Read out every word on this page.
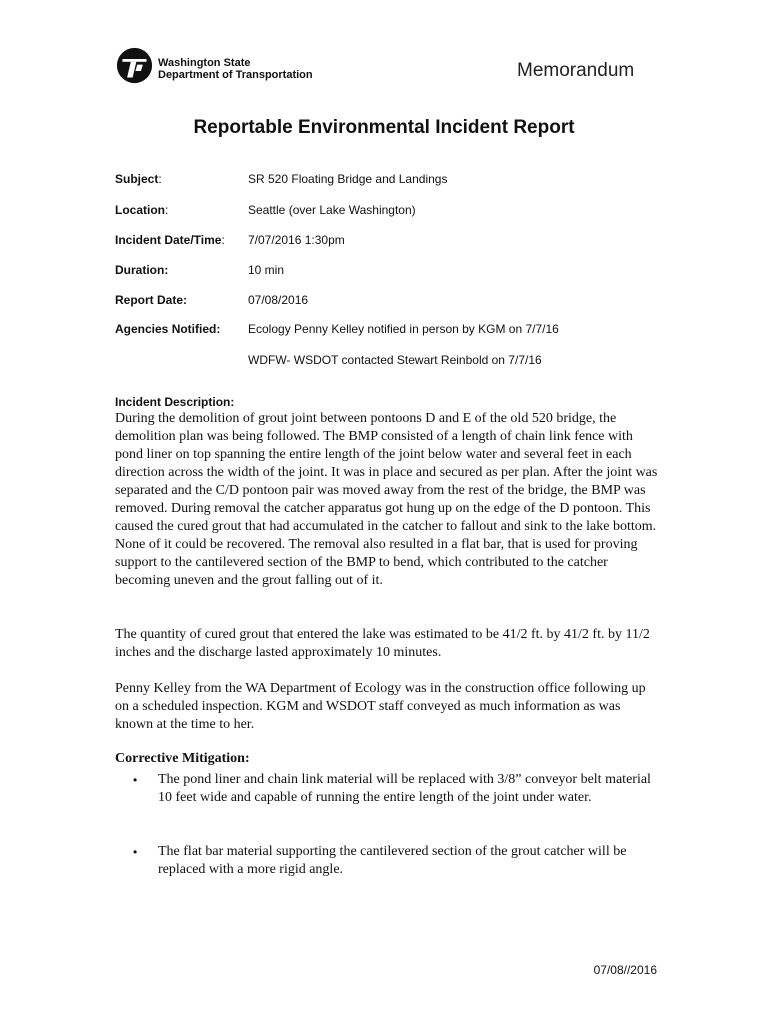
Washington State
Department of Transportation	Memorandum
Reportable Environmental Incident Report
Subject:	SR 520 Floating Bridge and Landings
Location:	Seattle (over Lake Washington)
Incident Date/Time: 7/07/2016 1:30pm
Duration:	10 min
Report Date:	07/08/2016
Agencies Notified: Ecology Penny Kelley notified in person by KGM on 7/7/16
WDFW- WSDOT contacted Stewart Reinbold on 7/7/16
Incident Description:

During the demolition of grout joint between pontoons D and E of the old 520 bridge, the demolition plan was being followed. The BMP consisted of a length of chain link fence with pond liner on top spanning the entire length of the joint below water and several feet in each direction across the width of the joint. It was in place and secured as per plan. After the joint was separated and the C/D pontoon pair was moved away from the rest of the bridge, the BMP was removed. During removal the catcher apparatus got hung up on the edge of the D pontoon. This caused the cured grout that had accumulated in the catcher to fallout and sink to the lake bottom. None of it could be recovered. The removal also resulted in a flat bar, that is used for proving support to the cantilevered section of the BMP to bend, which contributed to the catcher becoming uneven and the grout falling out of it.

The quantity of cured grout that entered the lake was estimated to be 41/2 ft. by 41/2 ft. by 11/2 inches and the discharge lasted approximately 10 minutes.

Penny Kelley from the WA Department of Ecology was in the construction office following up on a scheduled inspection. KGM and WSDOT staff conveyed as much information as was known at the time to her.

Corrective Mitigation:
• The pond liner and chain link material will be replaced with 3/8” conveyor belt material 10 feet wide and capable of running the entire length of the joint under water.
• The flat bar material supporting the cantilevered section of the grout catcher will be replaced with a more rigid angle.
07/08//2016
